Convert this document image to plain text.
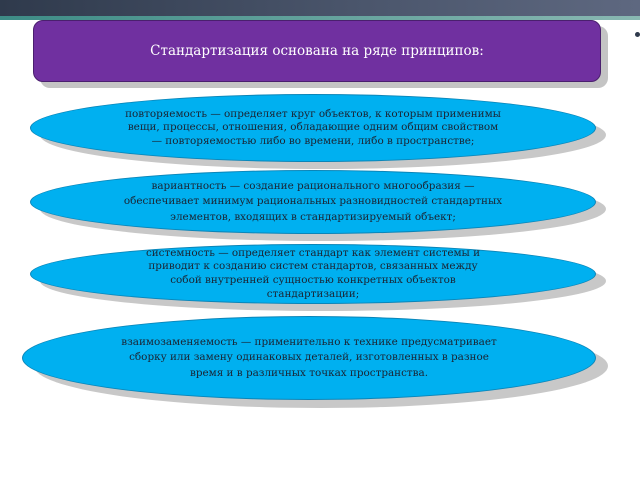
Стандартизация основана на ряде принципов:
повторяемость — определяет круг объектов, к которым применимы вещи, процессы, отношения, обладающие одним общим свойством — повторяемостью либо во времени, либо в пространстве;
вариантность — создание рационального многообразия — обеспечивает минимум рациональных разновидностей стандартных элементов, входящих в стандартизируемый объект;
системность — определяет стандарт как элемент системы и приводит к созданию систем стандартов, связанных между собой внутренней сущностью конкретных объектов стандартизации;
взаимозаменяемость — применительно к технике предусматривает сборку или замену одинаковых деталей, изготовленных в разное время и в различных точках пространства.
